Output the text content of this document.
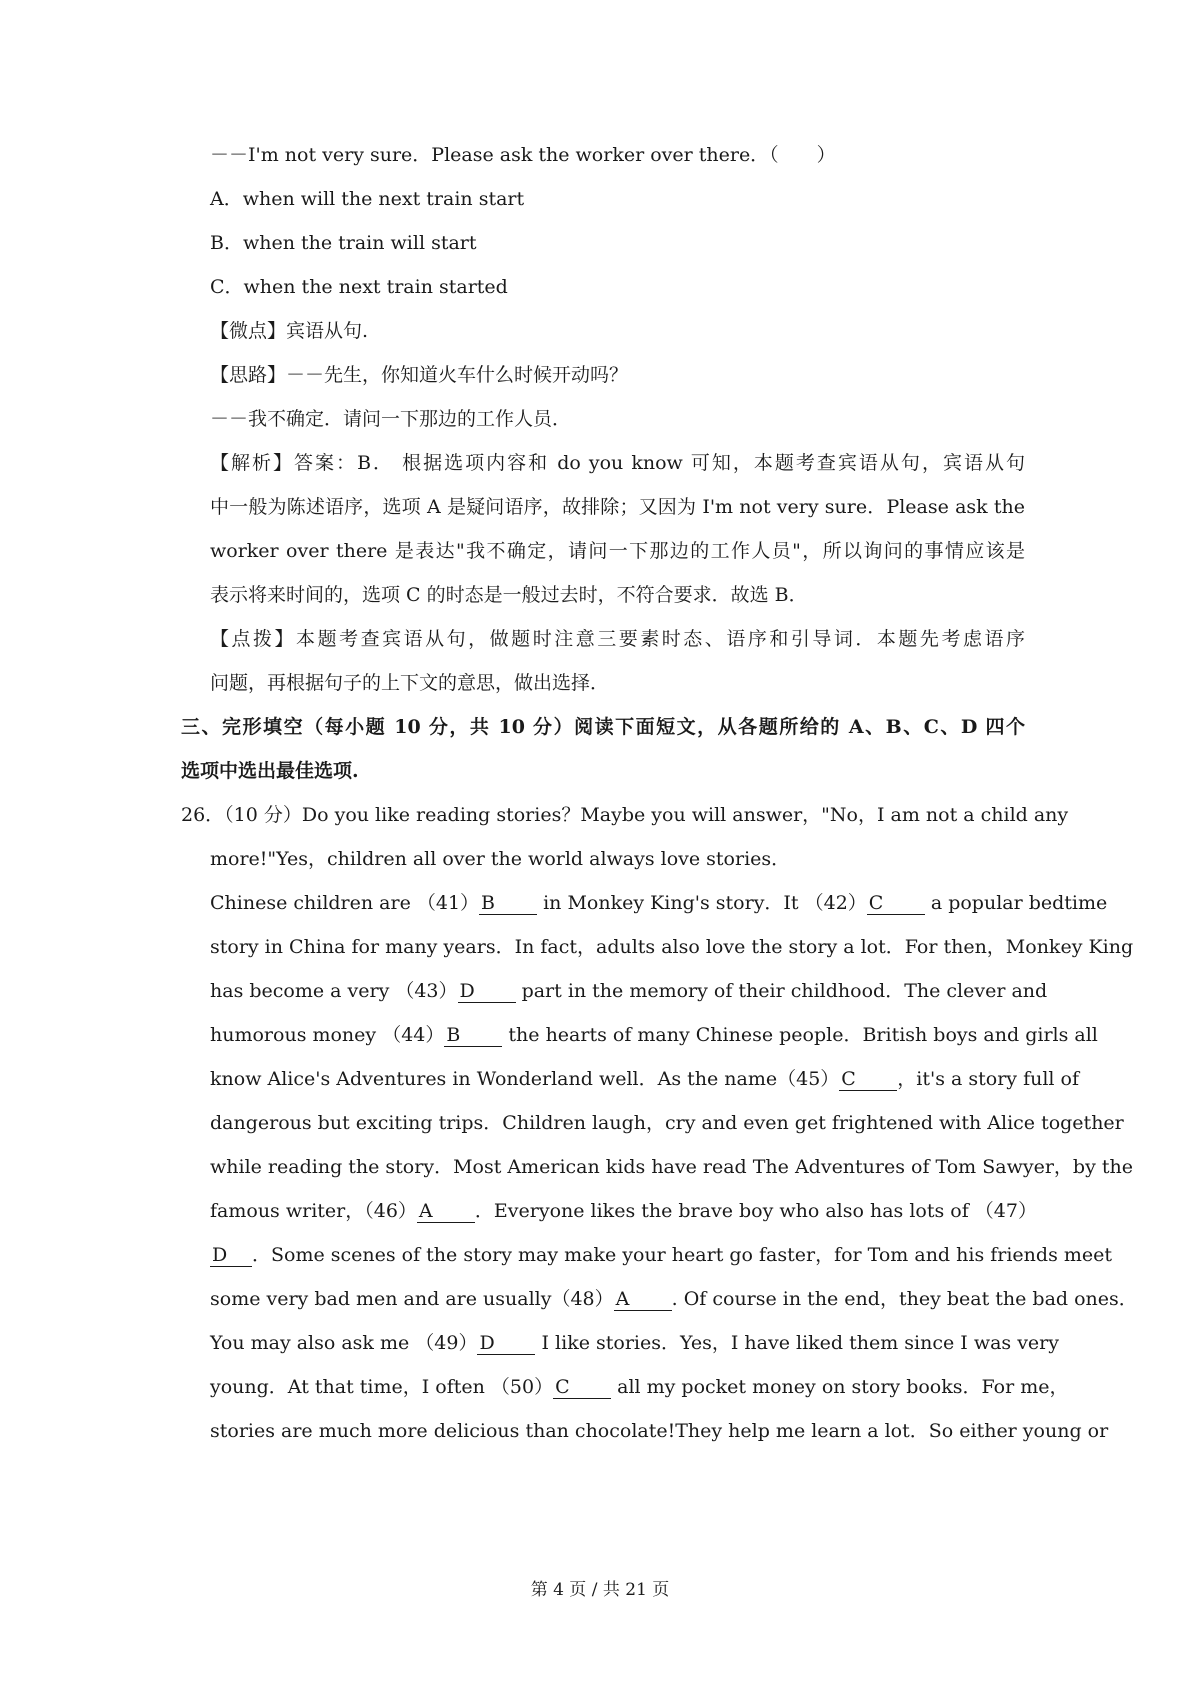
－－I'm not very sure．Please ask the worker over there．（　　）
A．when will the next train start
B．when the train will start
C．when the next train started
【微点】宾语从句.
【思路】－－先生，你知道火车什么时候开动吗？
－－我不确定．请问一下那边的工作人员．
【解析】答案：B． 根据选项内容和 do you know 可知，本题考查宾语从句，宾语从句
中一般为陈述语序，选项 A 是疑问语序，故排除；又因为 I'm not very sure．Please ask the
worker over there 是表达"我不确定，请问一下那边的工作人员"，所以询问的事情应该是
表示将来时间的，选项 C 的时态是一般过去时，不符合要求．故选 B．
【点拨】本题考查宾语从句，做题时注意三要素时态、语序和引导词．本题先考虑语序
问题，再根据句子的上下文的意思，做出选择．
三、完形填空（每小题 10 分，共 10 分）阅读下面短文，从各题所给的 A、B、C、D 四个
选项中选出最佳选项.
26．（10 分）Do you like reading stories？Maybe you will answer，"No，I am not a child any
more!"Yes，children all over the world always love stories．
Chinese children are （41） B in Monkey King's story．It （42） C a popular bedtime
story in China for many years．In fact，adults also love the story a lot．For then，Monkey King
has become a very （43） D part in the memory of their childhood．The clever and
humorous money （44） B the hearts of many Chinese people．British boys and girls all
know Alice's Adventures in Wonderland well．As the name（45） C ，it's a story full of
dangerous but exciting trips．Children laugh，cry and even get frightened with Alice together
while reading the story．Most American kids have read The Adventures of Tom Sawyer，by the
famous writer，（46） A ．Everyone likes the brave boy who also has lots of （47）
D ．Some scenes of the story may make your heart go faster，for Tom and his friends meet
some very bad men and are usually（48） A . Of course in the end，they beat the bad ones．
You may also ask me （49） D I like stories．Yes，I have liked them since I was very
young．At that time，I often （50） C all my pocket money on story books．For me，
stories are much more delicious than chocolate!They help me learn a lot．So either young or
第 4 页 / 共 21 页
